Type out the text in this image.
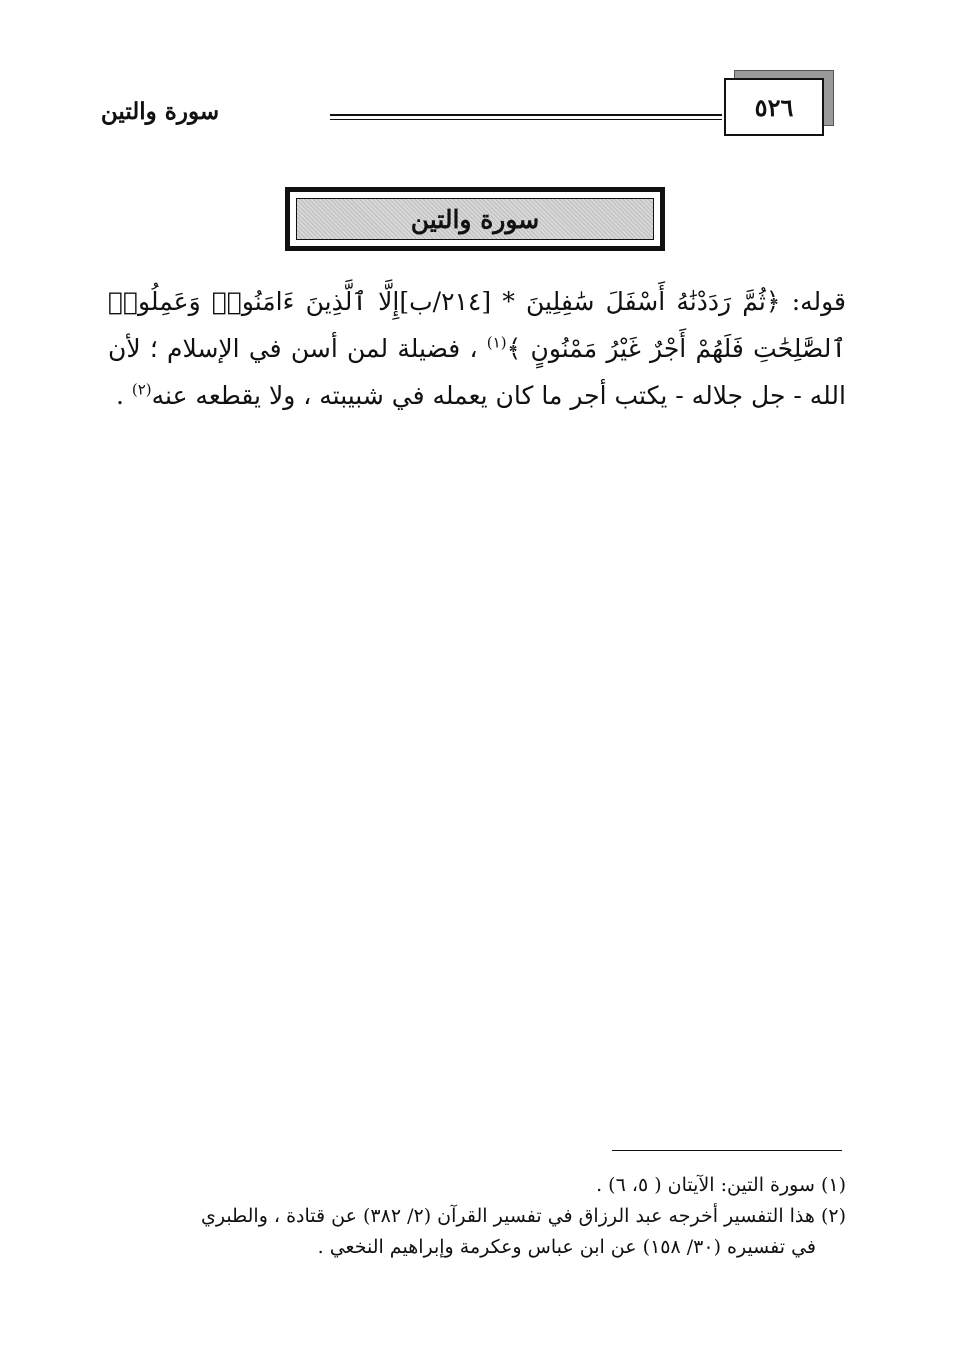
٥٢٦
سورة والتين
سورة والتين
قوله: ﴿ثُمَّ رَدَدْنَٰهُ أَسْفَلَ سَٰفِلِينَ * [٢١٤/ب]إِلَّا ٱلَّذِينَ ءَامَنُوا۟ وَعَمِلُوا۟ ٱلصَّٰلِحَٰتِ فَلَهُمْ أَجْرٌ غَيْرُ مَمْنُونٍ ﴾$^{(١)}$ ، فضيلة لمن أسن في الإسلام ؛ لأن الله - جل جلاله - يكتب أجر ما كان يعمله في شبيبته ، ولا يقطعه عنه$^{(٢)}$ .

(١) سورة التين: الآيتان ( ٥، ٦) .

(٢) هذا التفسير أخرجه عبد الرزاق في تفسير القرآن (٢/ ٣٨٢) عن قتادة ، والطبري

في تفسيره (٣٠/ ١٥٨) عن ابن عباس وعكرمة وإبراهيم النخعي .
